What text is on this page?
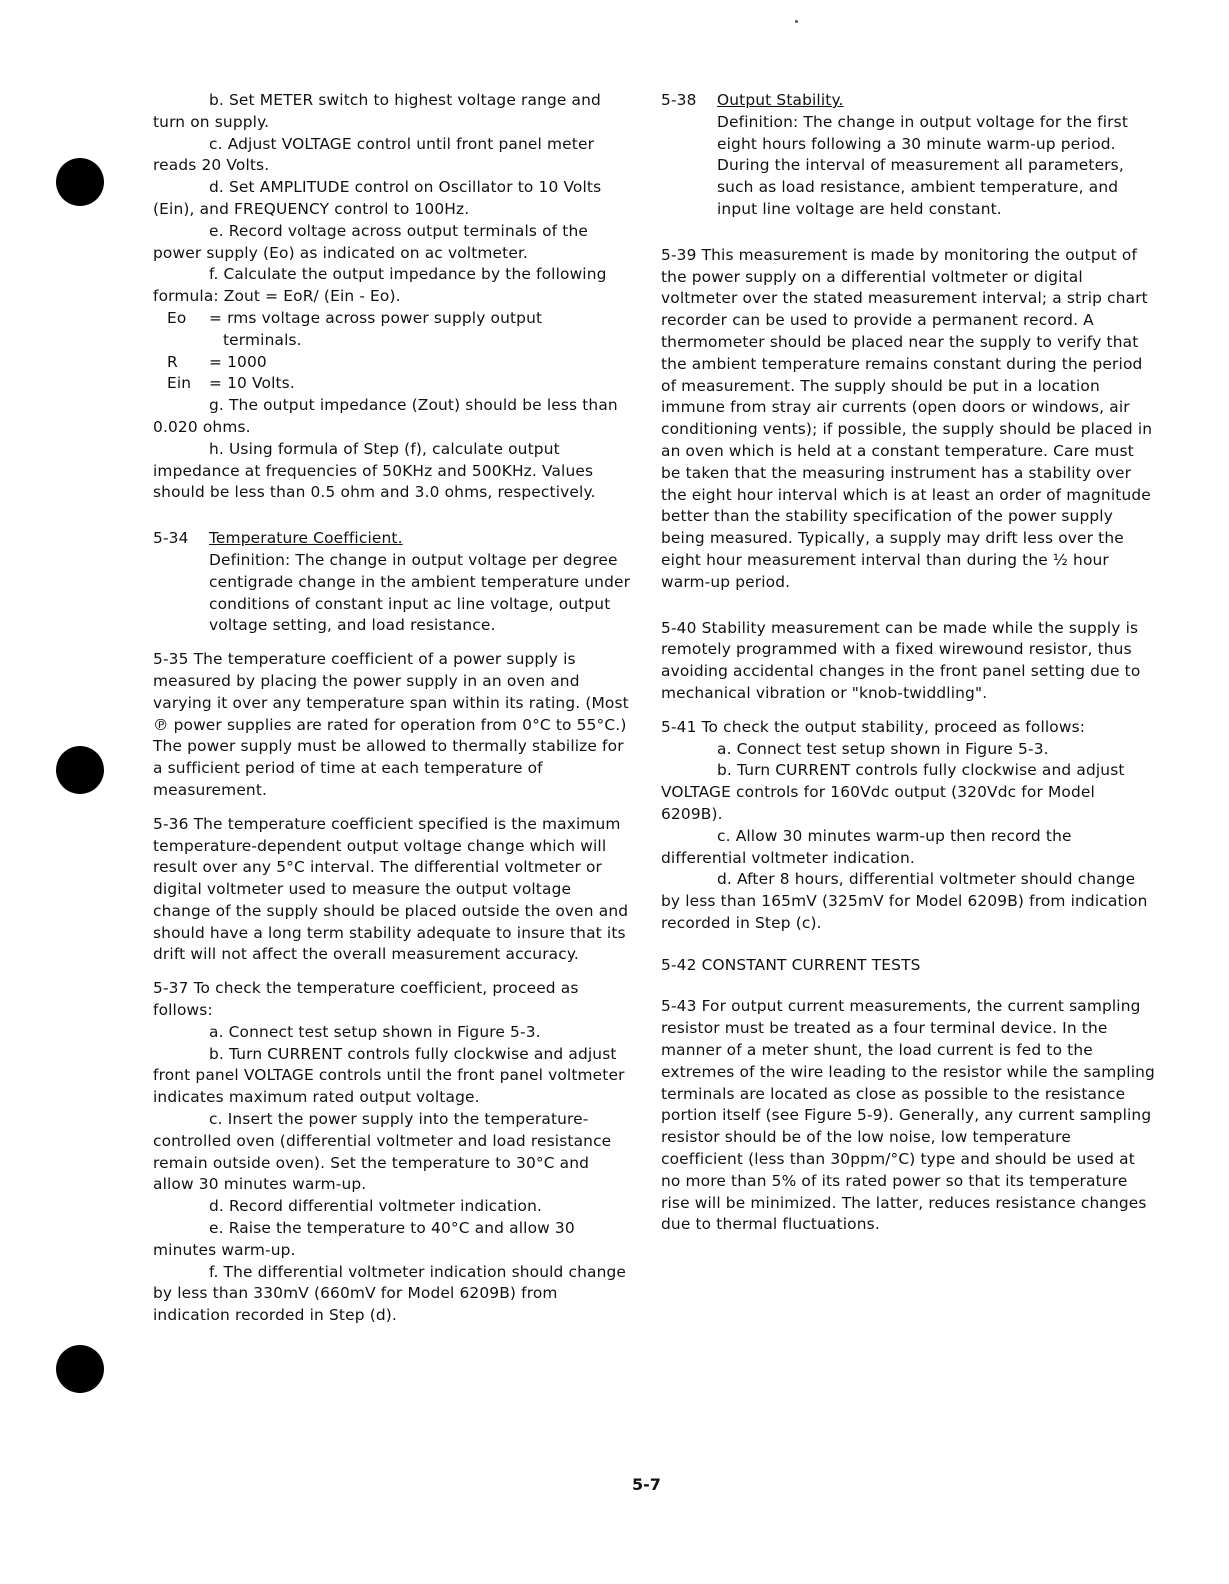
b. Set METER switch to highest voltage range and turn on supply.

c. Adjust VOLTAGE control until front panel meter reads 20 Volts.

d. Set AMPLITUDE control on Oscillator to 10 Volts (Ein), and FREQUENCY control to 100Hz.

e. Record voltage across output terminals of the power supply (Eo) as indicated on ac voltmeter.

f. Calculate the output impedance by the following formula: Zout = EoR/ (Ein - Eo).

Eo = rms voltage across power supply output
terminals.
R = 1000
Ein = 10 Volts.

g. The output impedance (Zout) should be less than 0.020 ohms.

h. Using formula of Step (f), calculate output impedance at frequencies of 50KHz and 500KHz. Values should be less than 0.5 ohm and 3.0 ohms, respectively.

5-34 Temperature Coefficient.

Definition: The change in output voltage per degree centigrade change in the ambient temperature under conditions of constant input ac line voltage, output voltage setting, and load resistance.

5-35 The temperature coefficient of a power supply is measured by placing the power supply in an oven and varying it over any temperature span within its rating. (Most ℗ power supplies are rated for operation from 0°C to 55°C.) The power supply must be allowed to thermally stabilize for a sufficient period of time at each temperature of measurement.

5-36 The temperature coefficient specified is the maximum temperature-dependent output voltage change which will result over any 5°C interval. The differential voltmeter or digital voltmeter used to measure the output voltage change of the supply should be placed outside the oven and should have a long term stability adequate to insure that its drift will not affect the overall measurement accuracy.

5-37 To check the temperature coefficient, proceed as follows:

a. Connect test setup shown in Figure 5-3.

b. Turn CURRENT controls fully clockwise and adjust front panel VOLTAGE controls until the front panel voltmeter indicates maximum rated output voltage.

c. Insert the power supply into the temperature-controlled oven (differential voltmeter and load resistance remain outside oven). Set the temperature to 30°C and allow 30 minutes warm-up.

d. Record differential voltmeter indication.

e. Raise the temperature to 40°C and allow 30 minutes warm-up.

f. The differential voltmeter indication should change by less than 330mV (660mV for Model 6209B) from indication recorded in Step (d).

5-38 Output Stability.

Definition: The change in output voltage for the first eight hours following a 30 minute warm-up period. During the interval of measurement all parameters, such as load resistance, ambient temperature, and input line voltage are held constant.

5-39 This measurement is made by monitoring the output of the power supply on a differential voltmeter or digital voltmeter over the stated measurement interval; a strip chart recorder can be used to provide a permanent record. A thermometer should be placed near the supply to verify that the ambient temperature remains constant during the period of measurement. The supply should be put in a location immune from stray air currents (open doors or windows, air conditioning vents); if possible, the supply should be placed in an oven which is held at a constant temperature. Care must be taken that the measuring instrument has a stability over the eight hour interval which is at least an order of magnitude better than the stability specification of the power supply being measured. Typically, a supply may drift less over the eight hour measurement interval than during the ½ hour warm-up period.

5-40 Stability measurement can be made while the supply is remotely programmed with a fixed wirewound resistor, thus avoiding accidental changes in the front panel setting due to mechanical vibration or "knob-twiddling".

5-41 To check the output stability, proceed as follows:

a. Connect test setup shown in Figure 5-3.

b. Turn CURRENT controls fully clockwise and adjust VOLTAGE controls for 160Vdc output (320Vdc for Model 6209B).

c. Allow 30 minutes warm-up then record the differential voltmeter indication.

d. After 8 hours, differential voltmeter should change by less than 165mV (325mV for Model 6209B) from indication recorded in Step (c).

5-42 CONSTANT CURRENT TESTS

5-43 For output current measurements, the current sampling resistor must be treated as a four terminal device. In the manner of a meter shunt, the load current is fed to the extremes of the wire leading to the resistor while the sampling terminals are located as close as possible to the resistance portion itself (see Figure 5-9). Generally, any current sampling resistor should be of the low noise, low temperature coefficient (less than 30ppm/°C) type and should be used at no more than 5% of its rated power so that its temperature rise will be minimized. The latter, reduces resistance changes due to thermal fluctuations.

5-7
